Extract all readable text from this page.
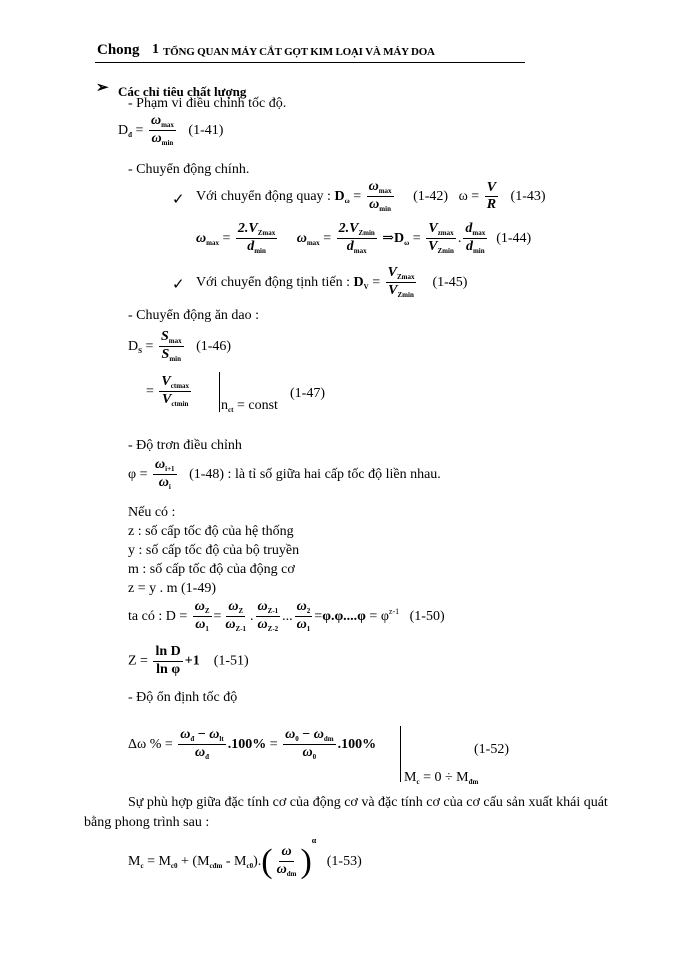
Chong 1 TỔNG QUAN MÁY CẮT GỌT KIM LOẠI VÀ MÁY DOA
➢ Các chỉ tiêu chất lượng
- Phạm vi điều chỉnh tốc độ.
$D_đ = \frac{\omega_{max}}{\omega_{min}} (1-41)$
- Chuyển động chính.
✓ Với chuyển động quay : $D_\omega = \frac{\omega_{max}}{\omega_{min}} (1-42) \omega = \frac{V}{R} (1-43)$
$\omega_{max} = \frac{2.V_{Zmax}}{d_{min}} \omega_{max} = \frac{2.V_{Zmin}}{d_{max}}$ $\Rightarrow D_\omega = \frac{V_{zmax}}{V_{Zmin}}$ . $\frac{d_{max}}{d_{min}} (1-44)$
✓ Với chuyển động tịnh tiến : $D_V = \frac{V_{Zmax}}{V_{Zmin}} (1-45)$
- Chuyển động ăn dao :
$D_S = \frac{S_{max}}{S_{min}} (1-46)$
= $\frac{V_{ctmax}}{V_{ctmin}} n_{ct}$ = const
(1-47)
- Độ trơn điều chỉnh
$\varphi = \frac{\omega_{i+1}}{\omega_i} (1-48)$ : là tỉ số giữa hai cấp tốc độ liền nhau.
Nếu có :
z : số cấp tốc độ của hệ thống
y : số cấp tốc độ của bộ truyền
m : số cấp tốc độ của động cơ
z = y . m (1-49)
ta có : $D = \frac{\omega_Z}{\omega_1} = \frac{\omega_Z}{\omega_{Z-1}}$ . $\frac{\omega_{Z-1}}{\omega_{Z-2}}$ ... $\frac{\omega_2}{\omega_1} =\varphi.\varphi....\varphi = \varphi^{z-1}$ (1-50)
$Z = \frac{\text{ln D}}{\text{ln φ}} +1$ (1-51)
- Độ ổn định tốc độ
Δω % = $\frac{\omega_đ - \omega_{lt}}{\omega_đ} .100\% = \frac{\omega_0 - \omega_{dm}}{\omega_0} .100\%$	(1-52)
$M_c = 0 \div M_{đm}$
Sự phù hợp giữa đặc tính cơ của động cơ và đặc tính cơ của cơ cấu sản xuất khái quát
bằng phong trình sau :
$M_c = M_{c0} + (M_{cđm} - M_{c0}).( \frac{\omega}{\omega_{dm}} )^\alpha$   (1-53)
